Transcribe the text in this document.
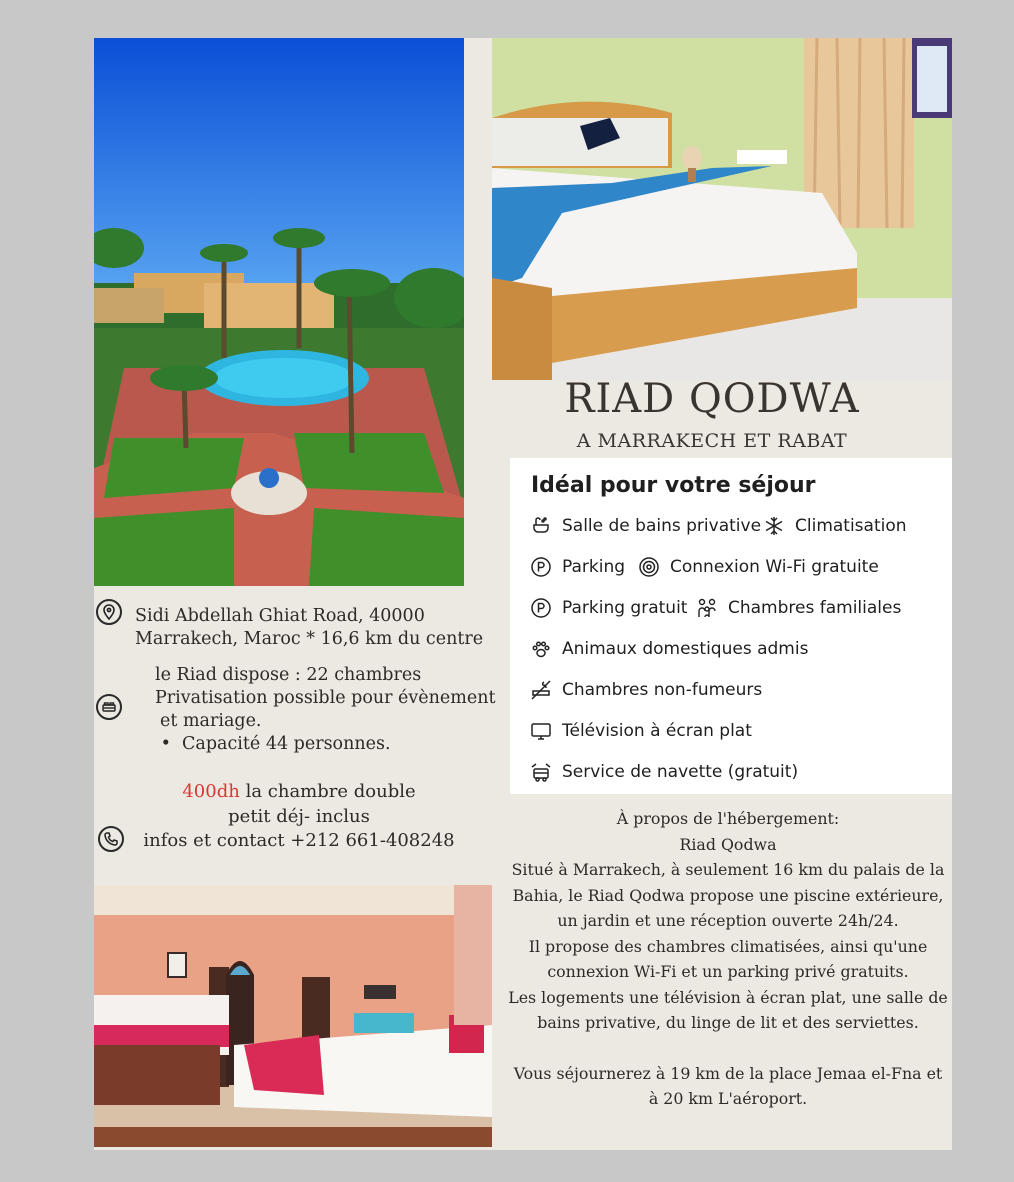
RIAD QODWA
A MARRAKECH ET RABAT
Idéal pour votre séjour
Salle de bains privative Climatisation
Parking	Connexion Wi-Fi gratuite
Parking gratuit Chambres familiales
Animaux domestiques admis
Chambres non-fumeurs
Télévision à écran plat
Service de navette (gratuit)
Sidi Abdellah Ghiat Road, 40000
Marrakech, Maroc * 16,6 km du centre
le Riad dispose : 22 chambres
Privatisation possible pour évènement
et mariage.
•  Capacité 44 personnes.
400dh la chambre double
petit déj- inclus
infos et contact +212 661-408248

À propos de l'hébergement:

Riad Qodwa

Situé à Marrakech, à seulement 16 km du palais de la

Bahia, le Riad Qodwa propose une piscine extérieure,

un jardin et une réception ouverte 24h/24.

Il propose des chambres climatisées, ainsi qu'une

connexion Wi-Fi et un parking privé gratuits.

Les logements une télévision à écran plat, une salle de

bains privative, du linge de lit et des serviettes.

Vous séjournerez à 19 km de la place Jemaa el-Fna et

à 20 km L'aéroport.
